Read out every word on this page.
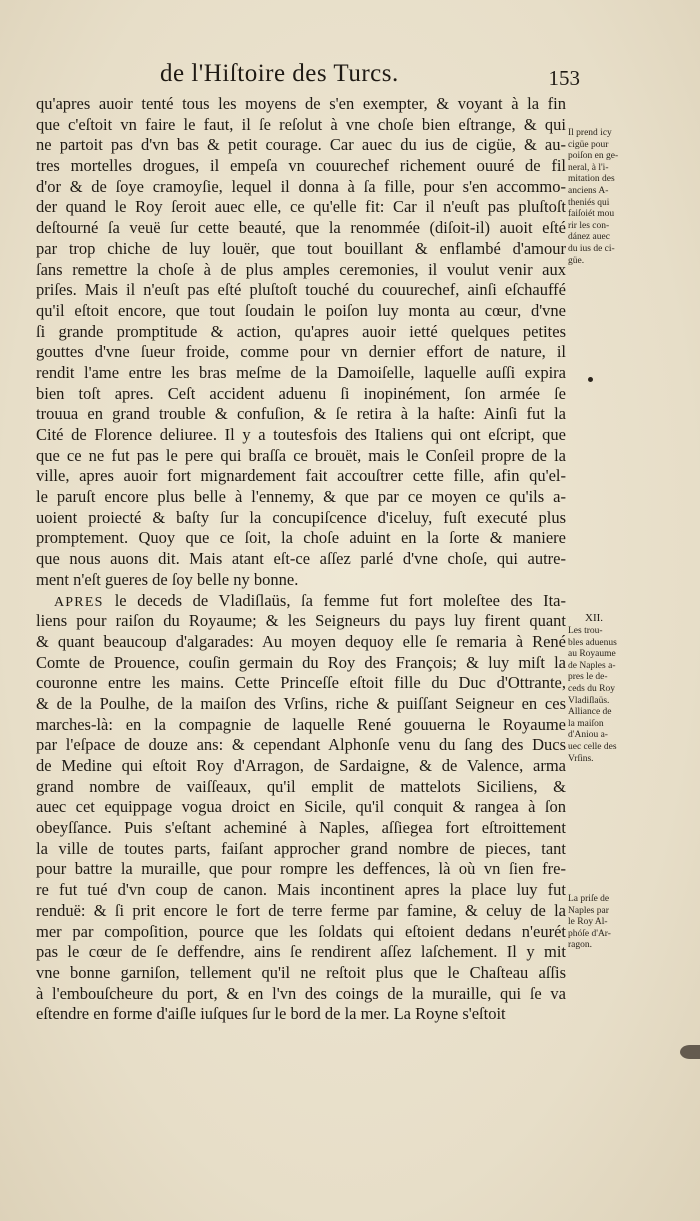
de l'Hiſtoire des Turcs.	153
qu'apres auoir tenté tous les moyens de s'en exempter, & voyant à la fin
que c'eſtoit vn faire le faut, il ſe reſolut à vne choſe bien eſtrange, & qui
ne partoit pas d'vn bas & petit courage. Car auec du ius de cigüe, & au-
tres mortelles drogues, il empeſa vn couurechef richement ouuré de fil
d'or & de ſoye cramoyſie, lequel il donna à ſa fille, pour s'en accommo-
der quand le Roy ſeroit auec elle, ce qu'elle fit: Car il n'euſt pas pluſtoſt
deſtourné ſa veuë ſur cette beauté, que la renommée (diſoit-il) auoit eſté
par trop chiche de luy louër, que tout bouillant & enflambé d'amour
ſans remettre la choſe à de plus amples ceremonies, il voulut venir aux
priſes. Mais il n'euſt pas eſté pluſtoſt touché du couurechef, ainſi eſchauffé
qu'il eſtoit encore, que tout ſoudain le poiſon luy monta au cœur, d'vne
ſi grande promptitude & action, qu'apres auoir ietté quelques petites
gouttes d'vne ſueur froide, comme pour vn dernier effort de nature, il
rendit l'ame entre les bras meſme de la Damoiſelle, laquelle auſſi expira
bien toſt apres. Ceſt accident aduenu ſi inopinément, ſon armée ſe
trouua en grand trouble & confuſion, & ſe retira à la haſte: Ainſi fut la
Cité de Florence deliuree. Il y a toutesfois des Italiens qui ont eſcript, que
que ce ne fut pas le pere qui braſſa ce brouët, mais le Conſeil propre de la
ville, apres auoir fort mignardement fait accouſtrer cette fille, afin qu'el-
le paruſt encore plus belle à l'ennemy, & que par ce moyen ce qu'ils a-
uoient proiecté & baſty ſur la concupiſcence d'iceluy, fuſt executé plus
promptement. Quoy que ce ſoit, la choſe aduint en la ſorte & maniere
que nous auons dit. Mais atant eſt-ce aſſez parlé d'vne choſe, qui autre-
ment n'eſt gueres de ſoy belle ny bonne.
APRES le deceds de Vladiſlaüs, ſa femme fut fort moleſtee des Ita-
liens pour raiſon du Royaume; & les Seigneurs du pays luy firent quant
& quant beaucoup d'algarades: Au moyen dequoy elle ſe remaria à René
Comte de Prouence, couſin germain du Roy des François; & luy miſt la
couronne entre les mains. Cette Princeſſe eſtoit fille du Duc d'Ottrante,
& de la Poulhe, de la maiſon des Vrſins, riche & puiſſant Seigneur en ces
marches-là: en la compagnie de laquelle René gouuerna le Royaume
par l'eſpace de douze ans: & cependant Alphonſe venu du ſang des Ducs
de Medine qui eſtoit Roy d'Arragon, de Sardaigne, & de Valence, arma
grand nombre de vaiſſeaux, qu'il emplit de mattelots Siciliens, &
auec cet equippage vogua droict en Sicile, qu'il conquit & rangea à ſon
obeyſſance. Puis s'eſtant acheminé à Naples, aſſiegea fort eſtroittement
la ville de toutes parts, faiſant approcher grand nombre de pieces, tant
pour battre la muraille, que pour rompre les deffences, là où vn ſien fre-
re fut tué d'vn coup de canon. Mais incontinent apres la place luy fut
renduë: & ſi prit encore le fort de terre ferme par famine, & celuy de la
mer par compoſition, pource que les ſoldats qui eſtoient dedans n'eurét
pas le cœur de ſe deffendre, ains ſe rendirent aſſez laſchement. Il y mit
vne bonne garniſon, tellement qu'il ne reſtoit plus que le Chaſteau aſſis
à l'embouſcheure du port, & en l'vn des coings de la muraille, qui ſe va
eſtendre en forme d'aiſle iuſques ſur le bord de la mer. La Royne s'eſtoit
Il prend icy
cigüe pour
poiſon en ge-
neral, à l'i-
mitation des
anciens A-
theniés qui
faiſoiét mou
rir les con-
dánez auec
du ius de ci-
güe.
XII.
Les trou-
bles aduenus
au Royaume
de Naples a-
pres le de-
ceds du Roy
Vladiſlaüs.
Alliance de
la maiſon
d'Aniou a-
uec celle des
Vrſins.
La priſe de
Naples par
le Roy Al-
phóſe d'Ar-
ragon.
